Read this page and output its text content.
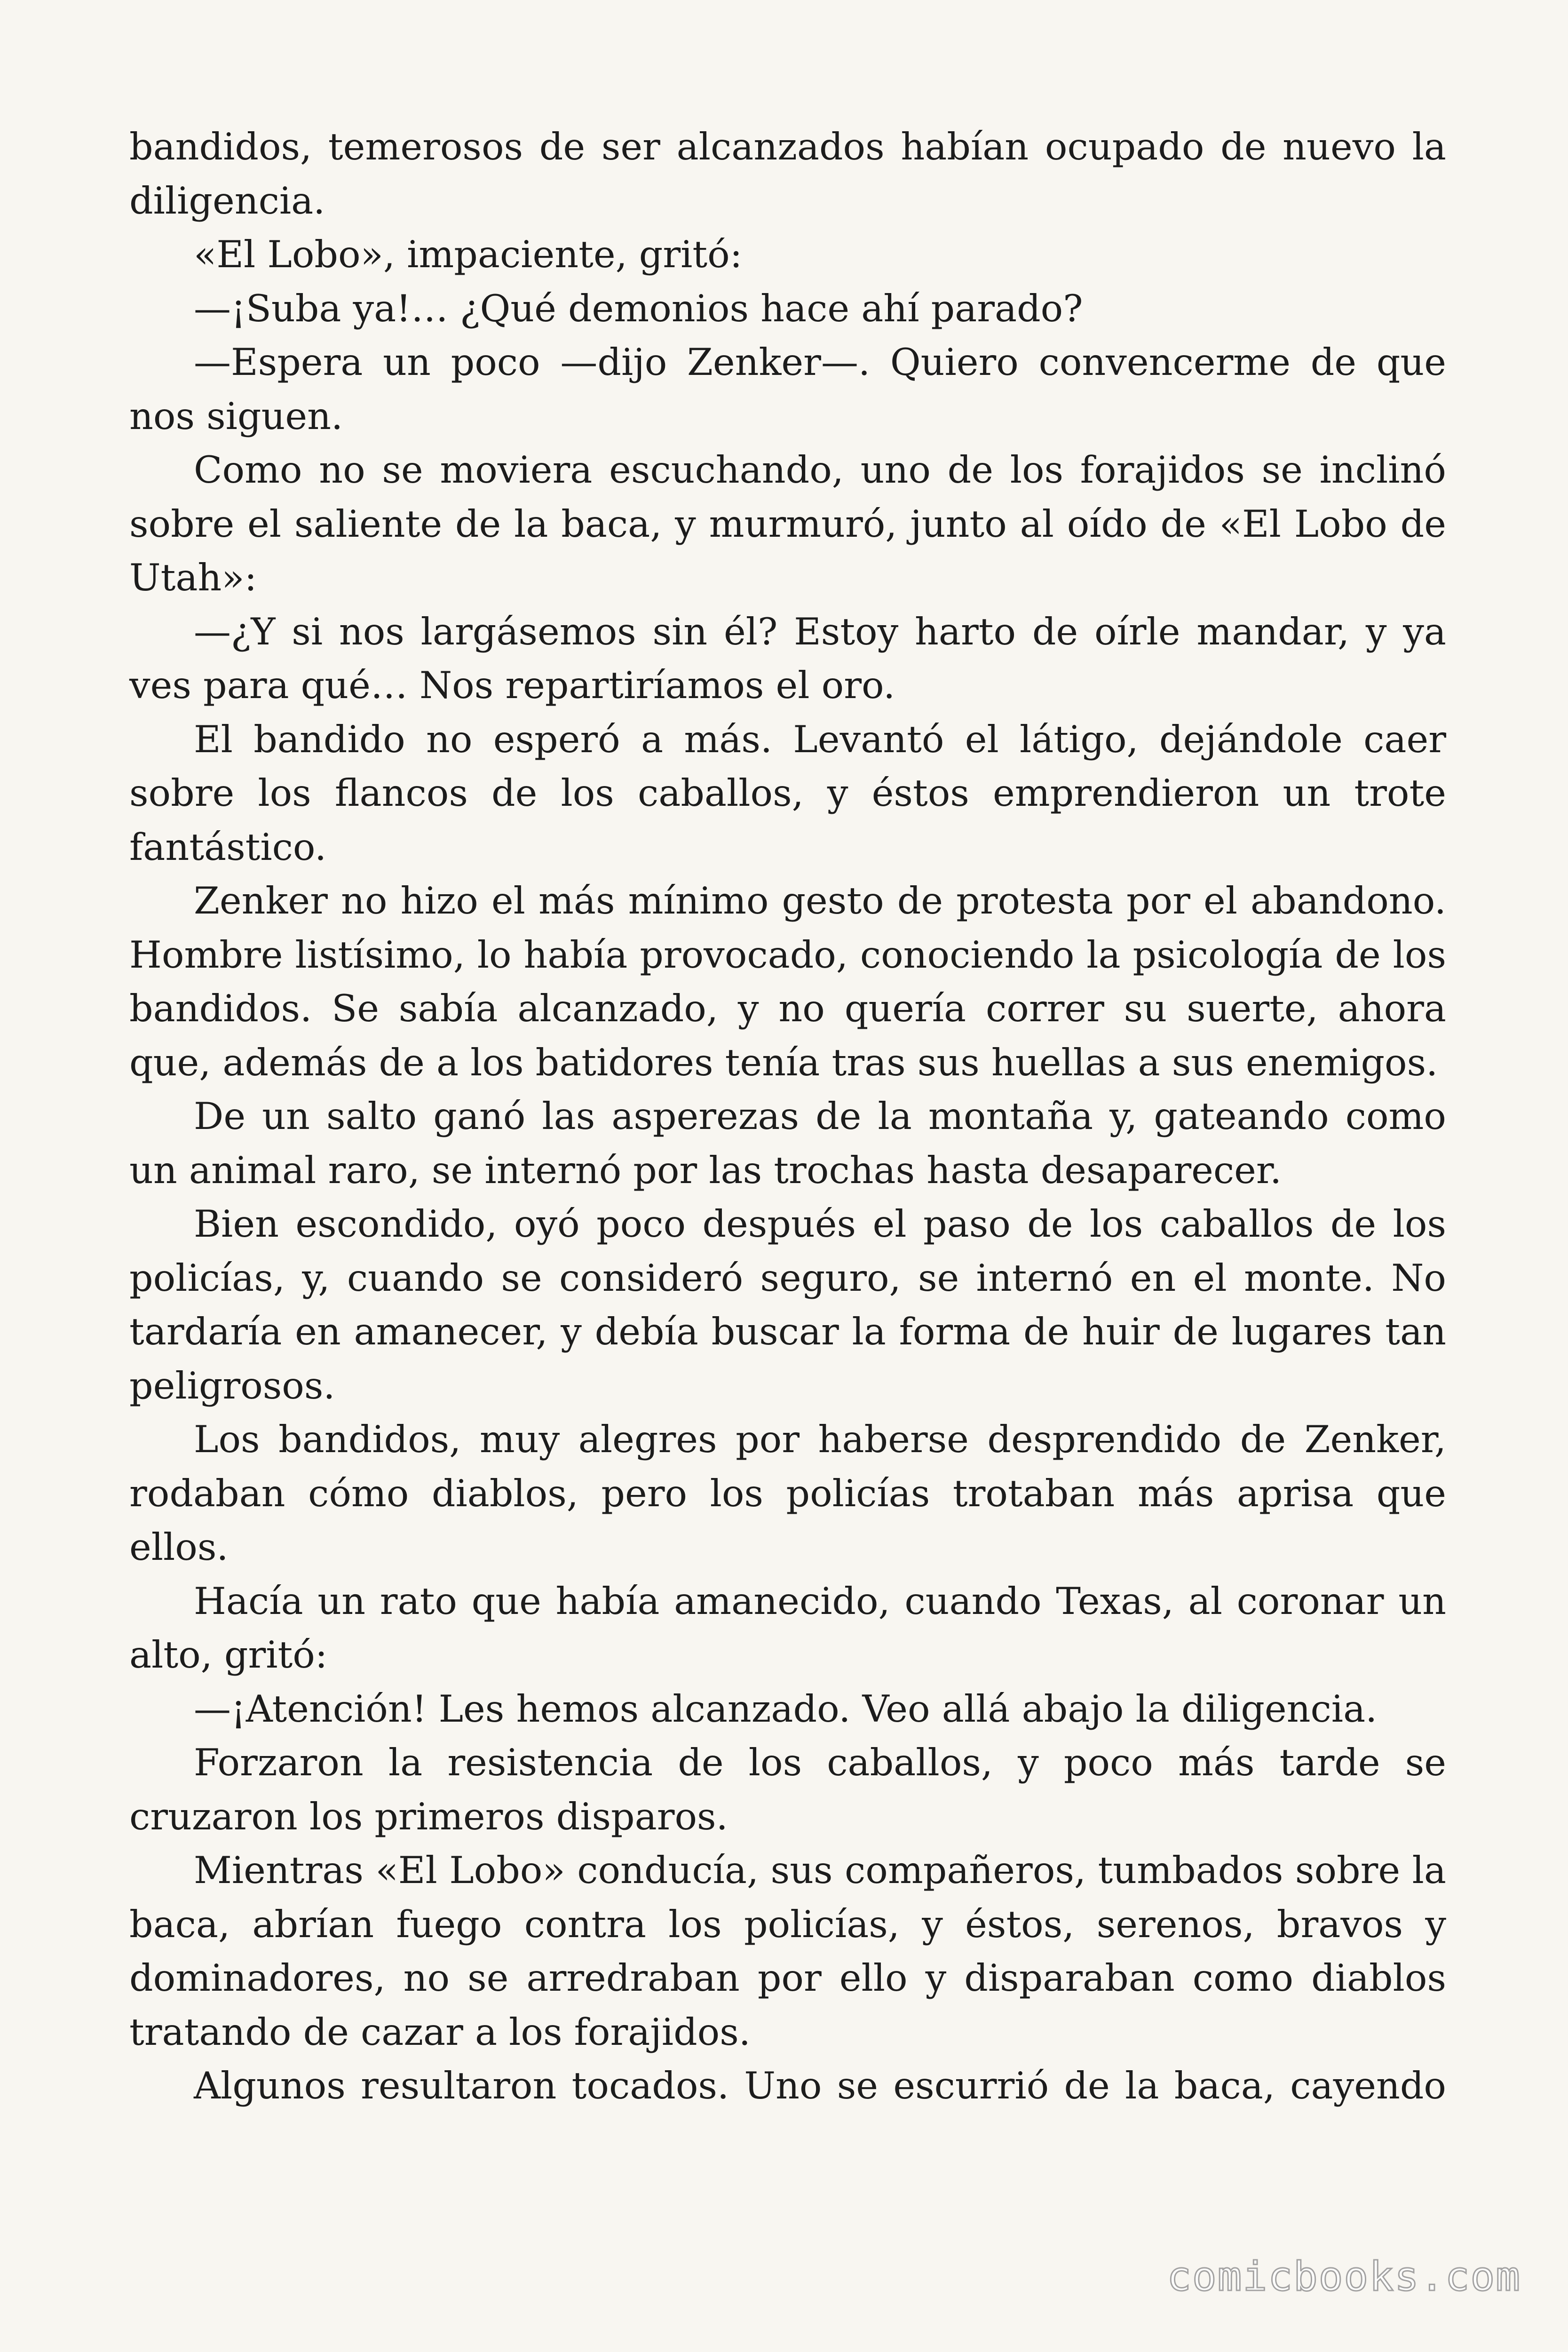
bandidos, temerosos de ser alcanzados habían ocupado de nuevo la diligencia.

«El Lobo», impaciente, gritó:

—¡Suba ya!… ¿Qué demonios hace ahí parado?

—Espera un poco —dijo Zenker—. Quiero convencerme de que nos siguen.

Como no se moviera escuchando, uno de los forajidos se inclinó sobre el saliente de la baca, y murmuró, junto al oído de «El Lobo de Utah»:

—¿Y si nos largásemos sin él? Estoy harto de oírle mandar, y ya ves para qué… Nos repartiríamos el oro.

El bandido no esperó a más. Levantó el látigo, dejándole caer sobre los flancos de los caballos, y éstos emprendieron un trote fantástico.

Zenker no hizo el más mínimo gesto de protesta por el abandono. Hombre listísimo, lo había provocado, conociendo la psicología de los bandidos. Se sabía alcanzado, y no quería correr su suerte, ahora que, además de a los batidores tenía tras sus huellas a sus enemigos.

De un salto ganó las asperezas de la montaña y, gateando como un animal raro, se internó por las trochas hasta desaparecer.

Bien escondido, oyó poco después el paso de los caballos de los policías, y, cuando se consideró seguro, se internó en el monte. No tardaría en amanecer, y debía buscar la forma de huir de lugares tan peligrosos.

Los bandidos, muy alegres por haberse desprendido de Zenker, rodaban cómo diablos, pero los policías trotaban más aprisa que ellos.

Hacía un rato que había amanecido, cuando Texas, al coronar un alto, gritó:

—¡Atención! Les hemos alcanzado. Veo allá abajo la diligencia.

Forzaron la resistencia de los caballos, y poco más tarde se cruzaron los primeros disparos.

Mientras «El Lobo» conducía, sus compañeros, tumbados sobre la baca, abrían fuego contra los policías, y éstos, serenos, bravos y dominadores, no se arredraban por ello y disparaban como diablos tratando de cazar a los forajidos.

Algunos resultaron tocados. Uno se escurrió de la baca, cayendo

comicbooks.com
